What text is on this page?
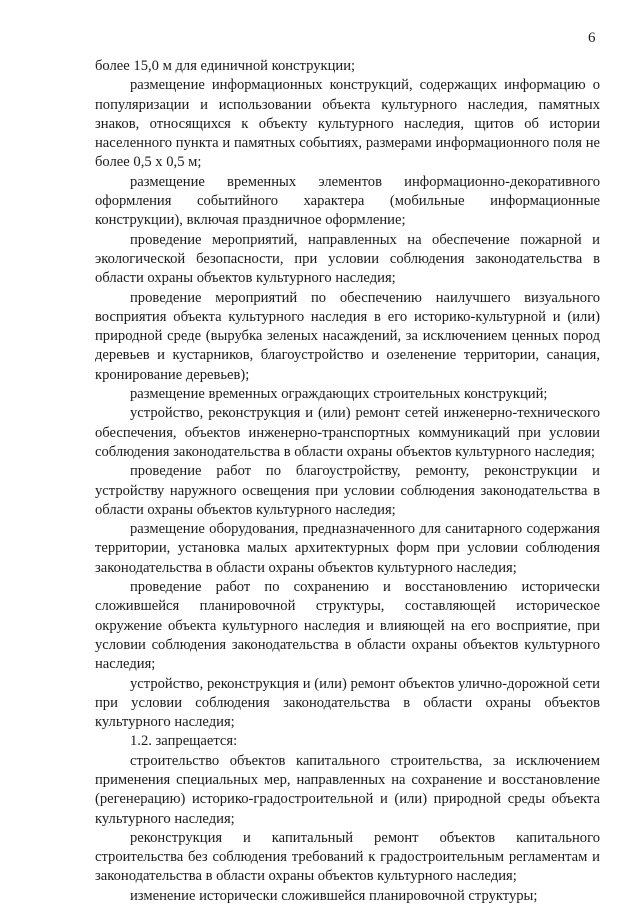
6

более 15,0 м для единичной конструкции;

размещение информационных конструкций, содержащих информацию о популяризации и использовании объекта культурного наследия, памятных знаков, относящихся к объекту культурного наследия, щитов об истории населенного пункта и памятных событиях, размерами информационного поля не более 0,5 х 0,5 м;

размещение временных элементов информационно-декоративного оформления событийного характера (мобильные информационные конструкции), включая праздничное оформление;

проведение мероприятий, направленных на обеспечение пожарной и экологической безопасности, при условии соблюдения законодательства в области охраны объектов культурного наследия;

проведение мероприятий по обеспечению наилучшего визуального восприятия объекта культурного наследия в его историко-культурной и (или) природной среде (вырубка зеленых насаждений, за исключением ценных пород деревьев и кустарников, благоустройство и озеленение территории, санация, кронирование деревьев);

размещение временных ограждающих строительных конструкций;

устройство, реконструкция и (или) ремонт сетей инженерно-технического обеспечения, объектов инженерно-транспортных коммуникаций при условии соблюдения законодательства в области охраны объектов культурного наследия;

проведение работ по благоустройству, ремонту, реконструкции и устройству наружного освещения при условии соблюдения законодательства в области охраны объектов культурного наследия;

размещение оборудования, предназначенного для санитарного содержания территории, установка малых архитектурных форм при условии соблюдения законодательства в области охраны объектов культурного наследия;

проведение работ по сохранению и восстановлению исторически сложившейся планировочной структуры, составляющей историческое окружение объекта культурного наследия и влияющей на его восприятие, при условии соблюдения законодательства в области охраны объектов культурного наследия;

устройство, реконструкция и (или) ремонт объектов улично-дорожной сети при условии соблюдения законодательства в области охраны объектов культурного наследия;

1.2. запрещается:

строительство объектов капитального строительства, за исключением применения специальных мер, направленных на сохранение и восстановление (регенерацию) историко-градостроительной и (или) природной среды объекта культурного наследия;

реконструкция и капитальный ремонт объектов капитального строительства без соблюдения требований к градостроительным регламентам и законодательства в области охраны объектов культурного наследия;

изменение исторически сложившейся планировочной структуры;
